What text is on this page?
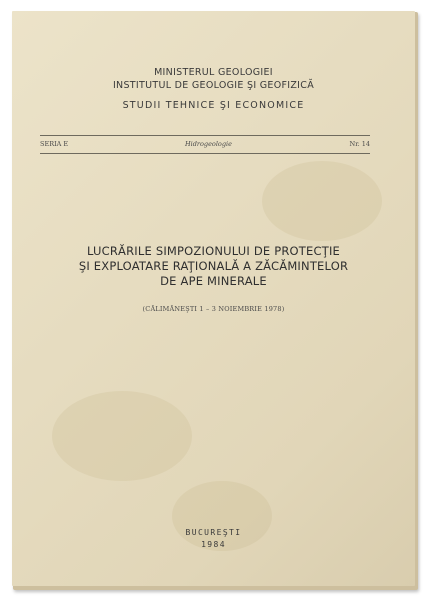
MINISTERUL GEOLOGIEI
INSTITUTUL DE GEOLOGIE ŞI GEOFIZICĂ
STUDII TEHNICE ŞI ECONOMICE
SERIA E	Hidrogeologie	Nr. 14
LUCRĂRILE SIMPOZIONULUI DE PROTECŢIE
ŞI EXPLOATARE RAŢIONALĂ A ZĂCĂMINTELOR
DE APE MINERALE
(CĂLIMĂNEŞTI 1 – 3 NOIEMBRIE 1978)
BUCUREŞTI
1984
